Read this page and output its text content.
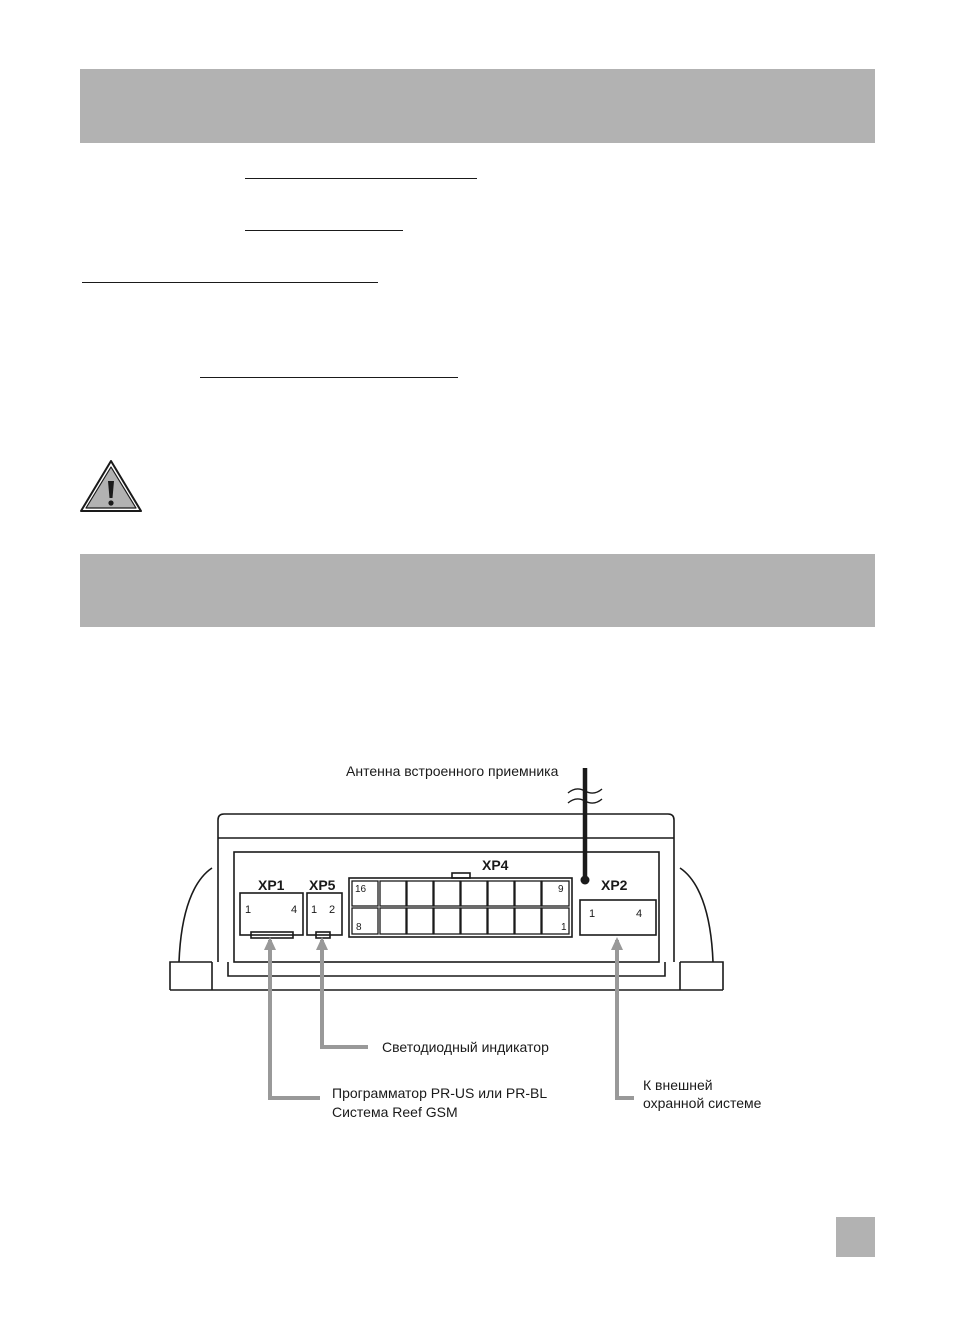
XP1 XP5
XP4
XP2
1	4 1 2
16	9
8	1
1	4
Антенна встроенного приемника
Светодиодный индикатор
Программатор PR-US или PR-BL
Система Reef GSM
К внешней
охранной системе
